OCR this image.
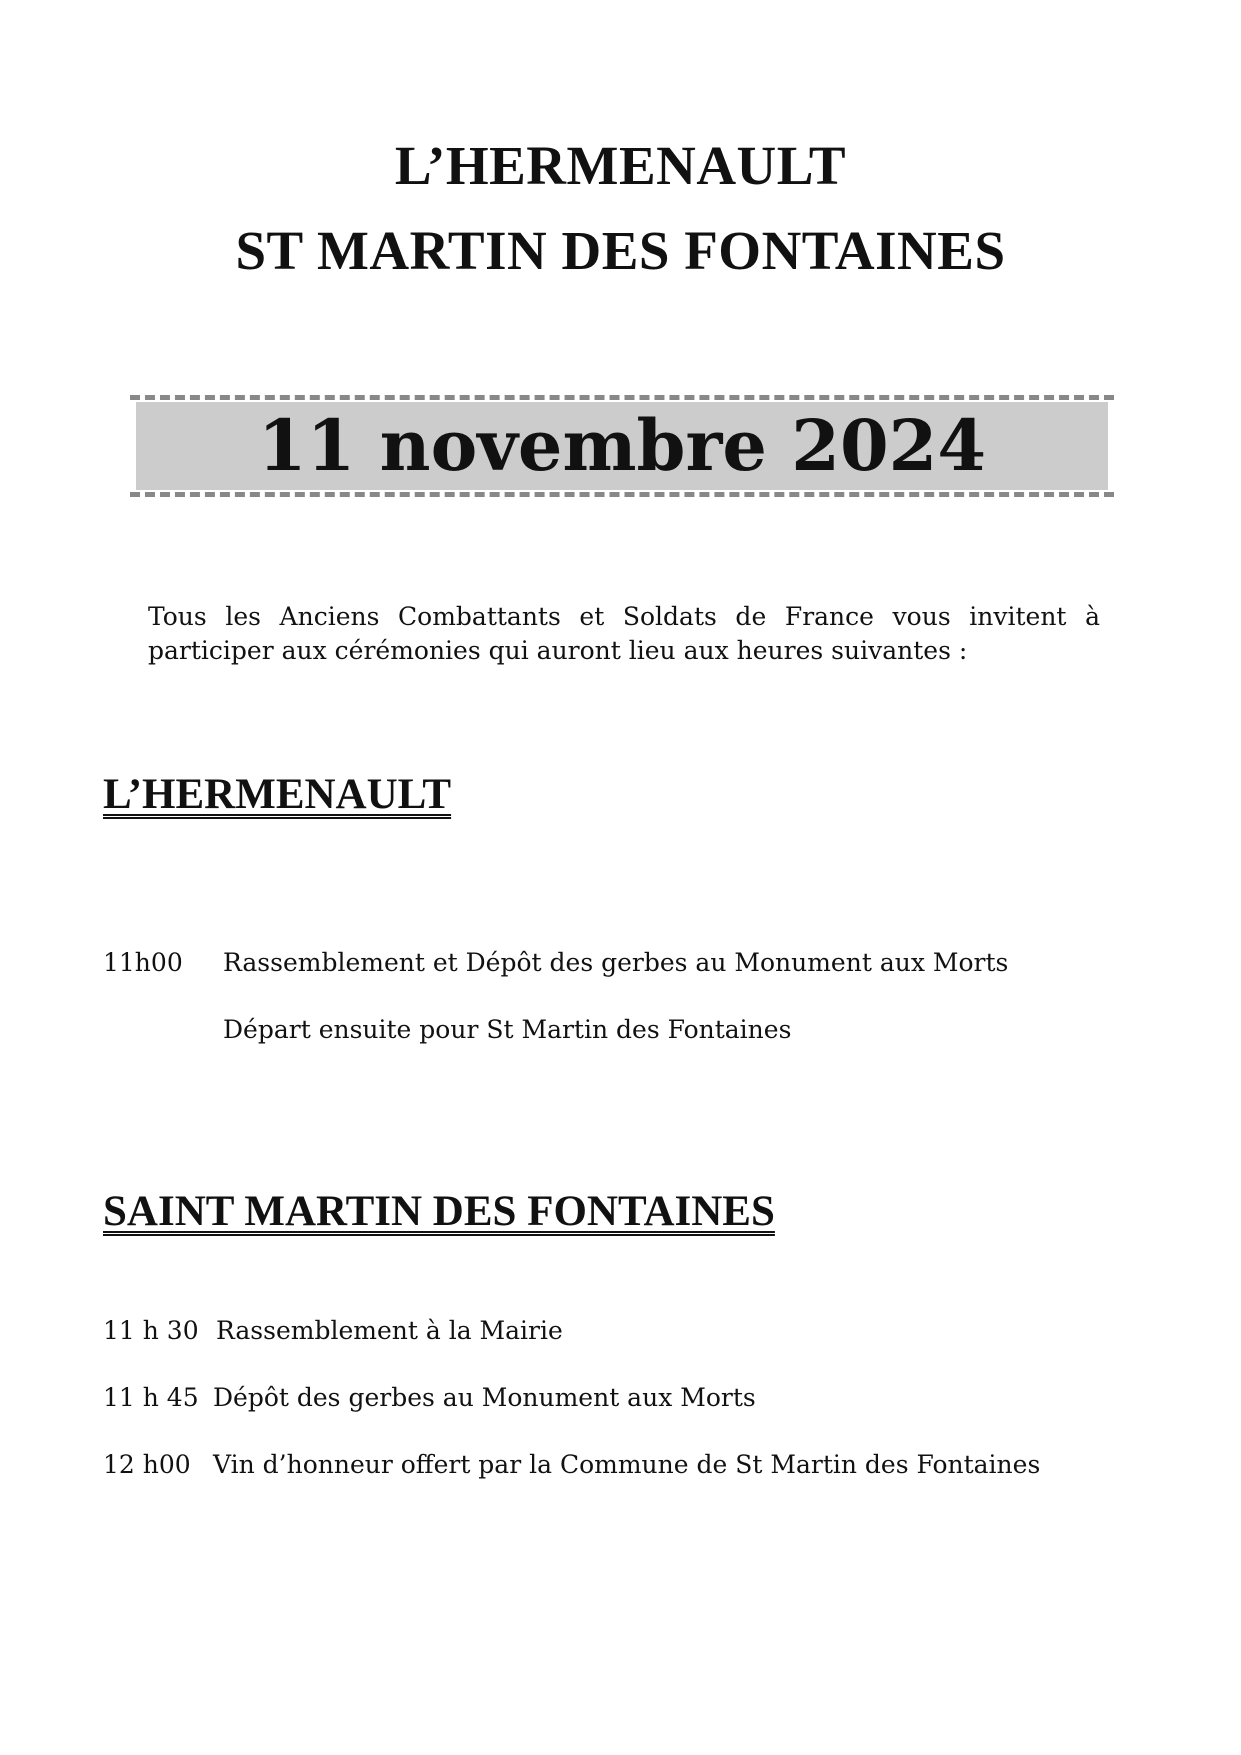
L’HERMENAULT
ST MARTIN DES FONTAINES
11 novembre 2024
Tous les Anciens Combattants et Soldats de France vous invitent à participer aux cérémonies qui auront lieu aux heures suivantes :
L’HERMENAULT
11h00 Rassemblement et Dépôt des gerbes au Monument aux Morts
Départ ensuite pour St Martin des Fontaines
SAINT MARTIN DES FONTAINES
11 h 30 Rassemblement à la Mairie
11 h 45 Dépôt des gerbes au Monument aux Morts
12 h00 Vin d’honneur offert par la Commune de St Martin des Fontaines
